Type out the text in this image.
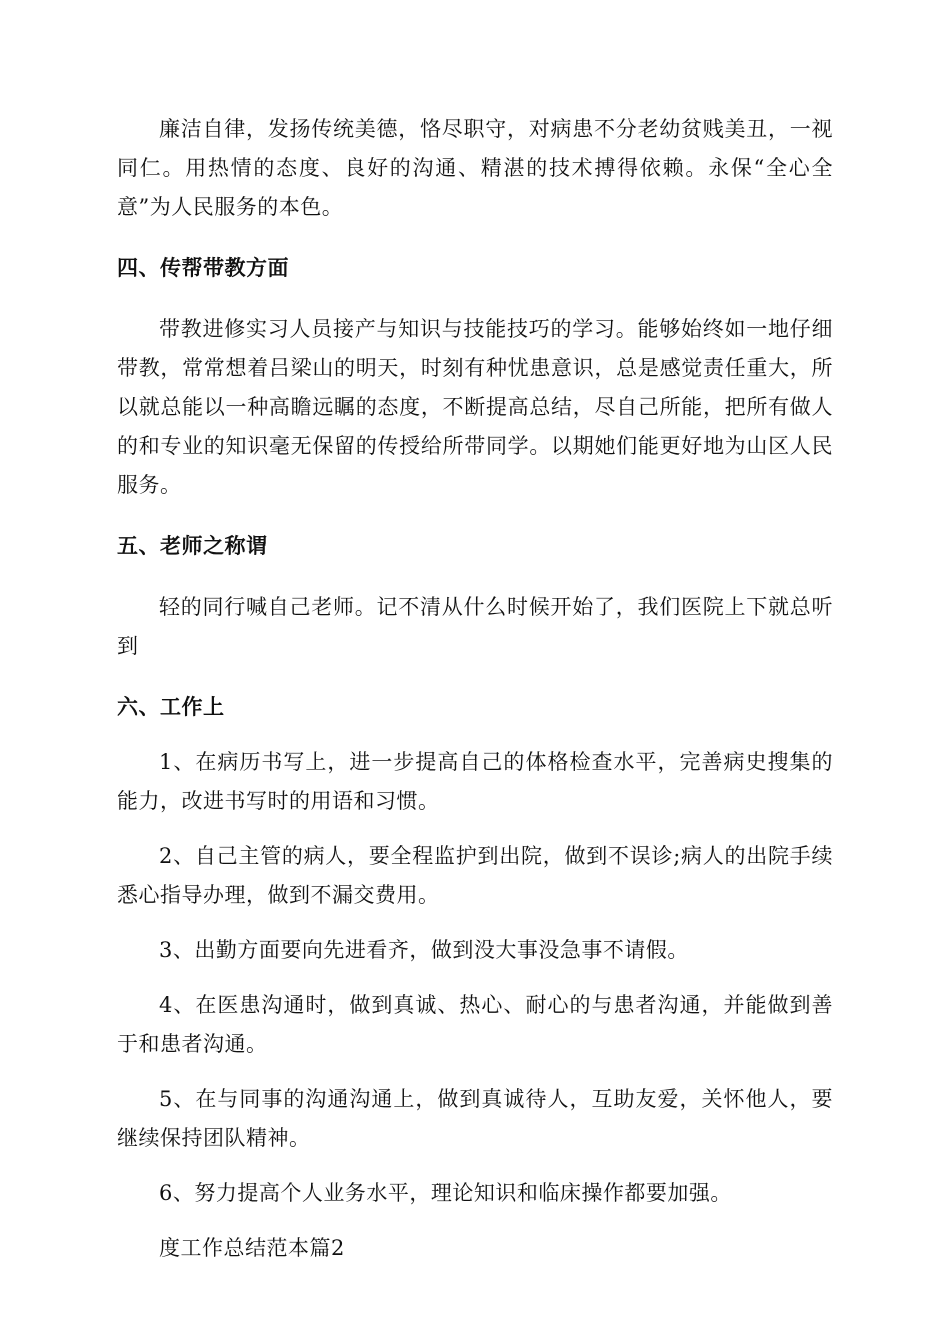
廉洁自律，发扬传统美德，恪尽职守，对病患不分老幼贫贱美丑，一视同仁。用热情的态度、良好的沟通、精湛的技术搏得依赖。永保“全心全意”为人民服务的本色。

四、传帮带教方面

带教进修实习人员接产与知识与技能技巧的学习。能够始终如一地仔细带教，常常想着吕梁山的明天，时刻有种忧患意识，总是感觉责任重大，所以就总能以一种高瞻远瞩的态度，不断提高总结，尽自己所能，把所有做人的和专业的知识毫无保留的传授给所带同学。以期她们能更好地为山区人民服务。

五、老师之称谓

轻的同行喊自己老师。记不清从什么时候开始了，我们医院上下就总听到

六、工作上

1、在病历书写上，进一步提高自己的体格检查水平，完善病史搜集的能力，改进书写时的用语和习惯。

2、自己主管的病人，要全程监护到出院，做到不误诊;病人的出院手续悉心指导办理，做到不漏交费用。

3、出勤方面要向先进看齐，做到没大事没急事不请假。

4、在医患沟通时，做到真诚、热心、耐心的与患者沟通，并能做到善于和患者沟通。

5、在与同事的沟通沟通上，做到真诚待人，互助友爱，关怀他人，要继续保持团队精神。

6、努力提高个人业务水平，理论知识和临床操作都要加强。

度工作总结范本篇2
